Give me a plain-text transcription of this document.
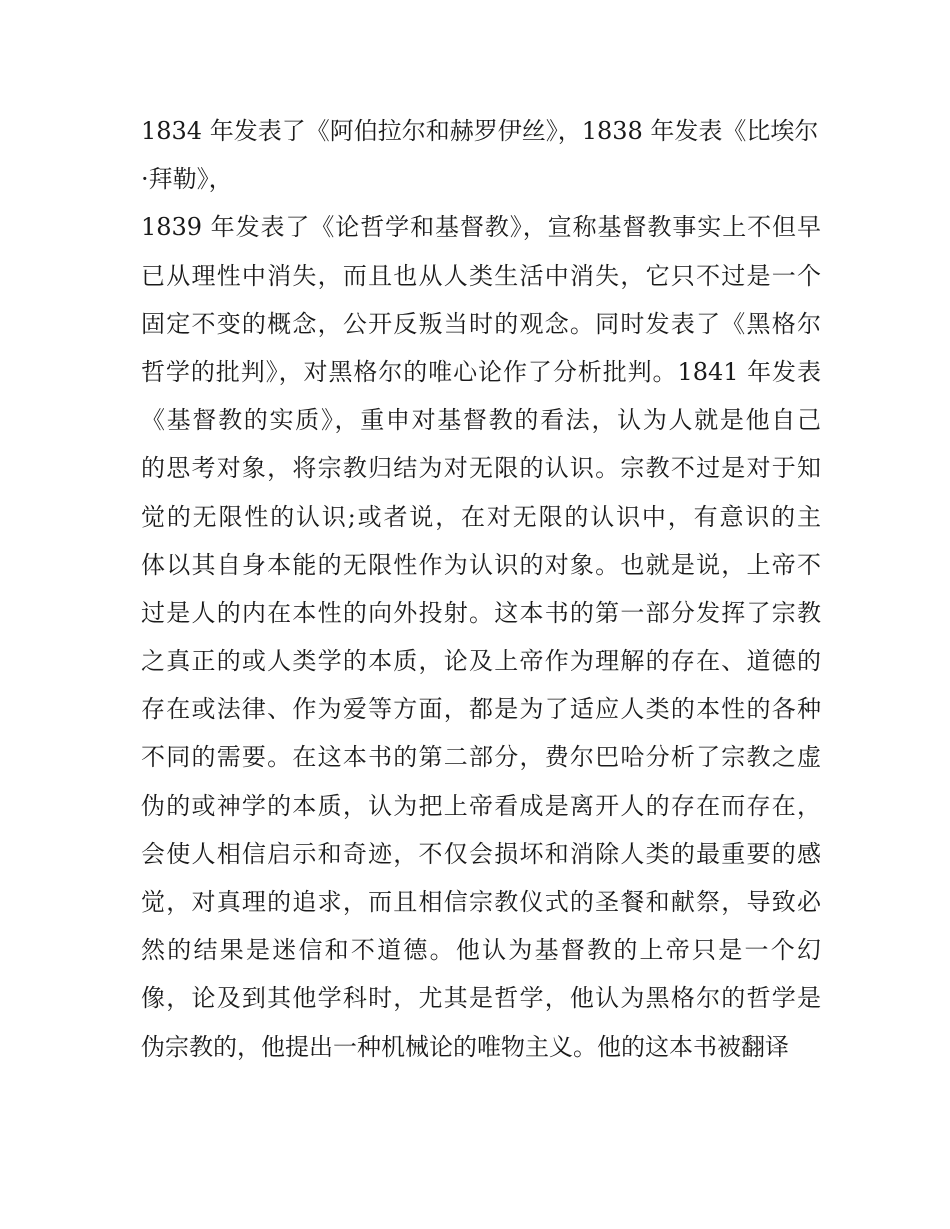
1834 年发表了《阿伯拉尔和赫罗伊丝》，1838 年发表《比埃尔
·拜勒》，
1839 年发表了《论哲学和基督教》，宣称基督教事实上不但早
已从理性中消失，而且也从人类生活中消失，它只不过是一个
固定不变的概念，公开反叛当时的观念。同时发表了《黑格尔
哲学的批判》，对黑格尔的唯心论作了分析批判。1841 年发表
《基督教的实质》，重申对基督教的看法，认为人就是他自己
的思考对象，将宗教归结为对无限的认识。宗教不过是对于知
觉的无限性的认识;或者说，在对无限的认识中，有意识的主
体以其自身本能的无限性作为认识的对象。也就是说，上帝不
过是人的内在本性的向外投射。这本书的第一部分发挥了宗教
之真正的或人类学的本质，论及上帝作为理解的存在、道德的
存在或法律、作为爱等方面，都是为了适应人类的本性的各种
不同的需要。在这本书的第二部分，费尔巴哈分析了宗教之虚
伪的或神学的本质，认为把上帝看成是离开人的存在而存在，
会使人相信启示和奇迹，不仅会损坏和消除人类的最重要的感
觉，对真理的追求，而且相信宗教仪式的圣餐和献祭，导致必
然的结果是迷信和不道德。他认为基督教的上帝只是一个幻
像，论及到其他学科时，尤其是哲学，他认为黑格尔的哲学是
伪宗教的，他提出一种机械论的唯物主义。他的这本书被翻译
